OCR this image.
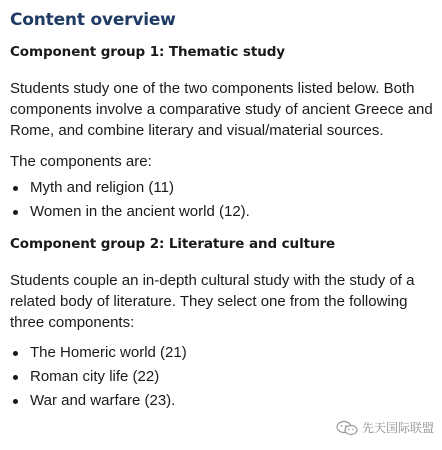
Content overview
Component group 1: Thematic study

Students study one of the two components listed below. Both components involve a comparative study of ancient Greece and Rome, and combine literary and visual/material sources.

The components are:

Myth and religion (11)
Women in the ancient world (12).
Component group 2: Literature and culture

Students couple an in-depth cultural study with the study of a related body of literature. They select one from the following three components:

The Homeric world (21)
Roman city life (22)
War and warfare (23).
先天国际联盟
